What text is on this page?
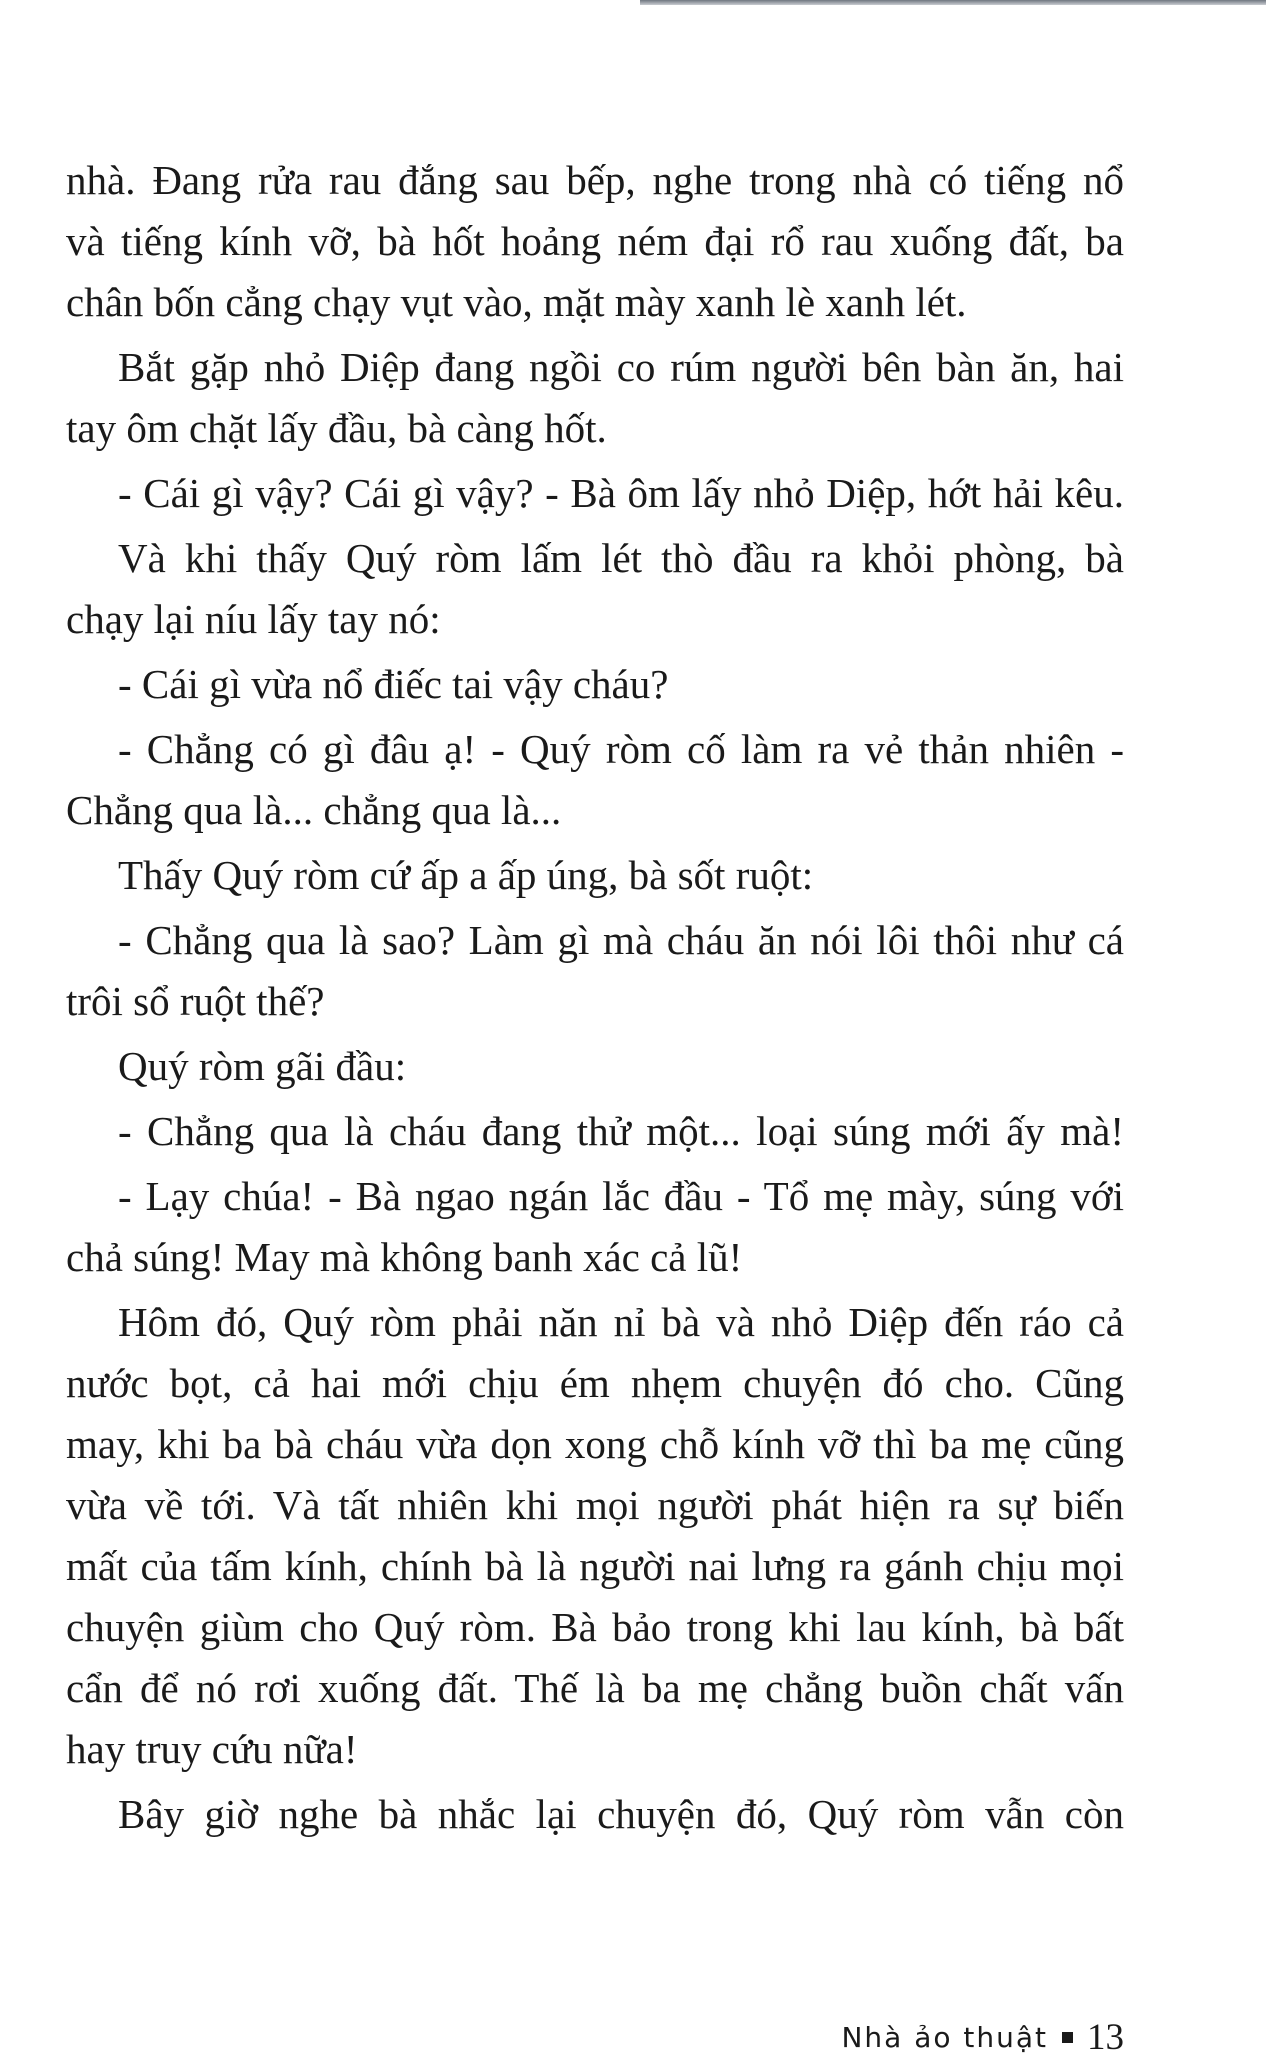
nhà. Đang rửa rau đắng sau bếp, nghe trong nhà có tiếng nổ
và tiếng kính vỡ, bà hốt hoảng ném đại rổ rau xuống đất, ba
chân bốn cẳng chạy vụt vào, mặt mày xanh lè xanh lét.
Bắt gặp nhỏ Diệp đang ngồi co rúm người bên bàn ăn, hai
tay ôm chặt lấy đầu, bà càng hốt.
- Cái gì vậy? Cái gì vậy? - Bà ôm lấy nhỏ Diệp, hớt hải kêu.
Và khi thấy Quý ròm lấm lét thò đầu ra khỏi phòng, bà
chạy lại níu lấy tay nó:
- Cái gì vừa nổ điếc tai vậy cháu?
- Chẳng có gì đâu ạ! - Quý ròm cố làm ra vẻ thản nhiên -
Chẳng qua là... chẳng qua là...
Thấy Quý ròm cứ ấp a ấp úng, bà sốt ruột:
- Chẳng qua là sao? Làm gì mà cháu ăn nói lôi thôi như cá
trôi sổ ruột thế?
Quý ròm gãi đầu:
- Chẳng qua là cháu đang thử một... loại súng mới ấy mà!
- Lạy chúa! - Bà ngao ngán lắc đầu - Tổ mẹ mày, súng với
chả súng! May mà không banh xác cả lũ!
Hôm đó, Quý ròm phải năn nỉ bà và nhỏ Diệp đến ráo cả
nước bọt, cả hai mới chịu ém nhẹm chuyện đó cho. Cũng
may, khi ba bà cháu vừa dọn xong chỗ kính vỡ thì ba mẹ cũng
vừa về tới. Và tất nhiên khi mọi người phát hiện ra sự biến
mất của tấm kính, chính bà là người nai lưng ra gánh chịu mọi
chuyện giùm cho Quý ròm. Bà bảo trong khi lau kính, bà bất
cẩn để nó rơi xuống đất. Thế là ba mẹ chẳng buồn chất vấn
hay truy cứu nữa!
Bây giờ nghe bà nhắc lại chuyện đó, Quý ròm vẫn còn
Nhà ảo thuật 13
